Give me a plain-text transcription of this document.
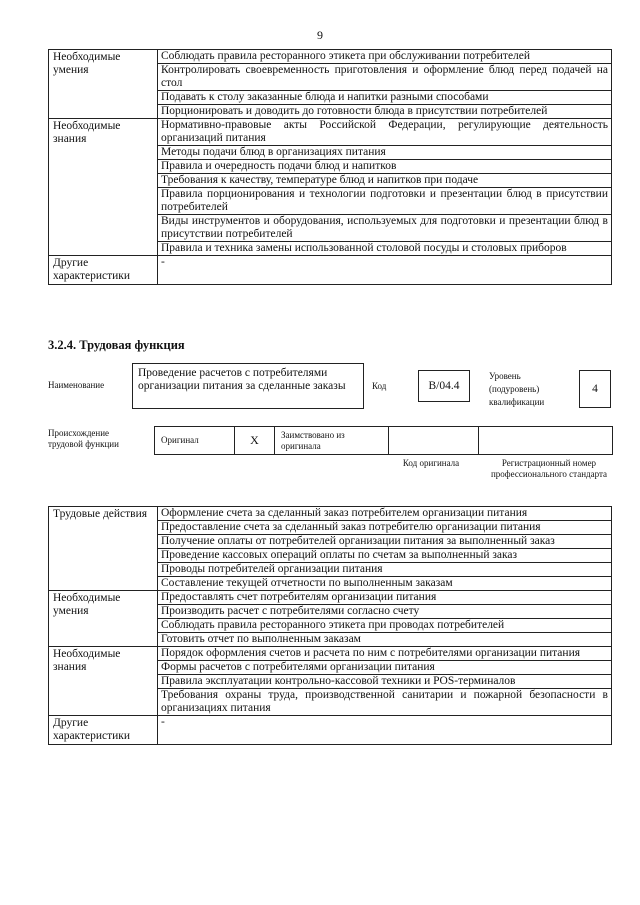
9
Необходимые умения	Соблюдать правила ресторанного этикета при обслуживании потребителей
	Контролировать своевременность приготовления и оформление блюд перед подачей на стол
	Подавать к столу заказанные блюда и напитки разными способами
	Порционировать и доводить до готовности блюда в присутствии потребителей
Необходимые знания	Нормативно-правовые акты Российской Федерации, регулирующие деятельность организаций питания
	Методы подачи блюд в организациях питания
	Правила и очередность подачи блюд и напитков
	Требования к качеству, температуре блюд и напитков при подаче
	Правила порционирования и технологии подготовки и презентации блюд в присутствии потребителей
	Виды инструментов и оборудования, используемых для подготовки и презентации блюд в присутствии потребителей
	Правила и техника замены использованной столовой посуды и столовых приборов
Другие характеристики	-
3.2.4. Трудовая функция
Наименование
Проведение расчетов с потребителями организации питания за сделанные заказы	Код	B/04.4
Уровень (подуровень) квалификации
4
Происхождение трудовой функции	Оригинал	X	Заимствовано из оригинала		
Код оригинала	Регистрационный номер профессионального стандарта
Трудовые действия	Оформление счета за сделанный заказ потребителем организации питания
	Предоставление счета за сделанный заказ потребителю организации питания
	Получение оплаты от потребителей организации питания за выполненный заказ
	Проведение кассовых операций оплаты по счетам за выполненный заказ
	Проводы потребителей организации питания
	Составление текущей отчетности по выполненным заказам
Необходимые умения	Предоставлять счет потребителям организации питания
	Производить расчет с потребителями согласно счету
	Соблюдать правила ресторанного этикета при проводах потребителей
	Готовить отчет по выполненным заказам
Необходимые знания	Порядок оформления счетов и расчета по ним с потребителями организации питания
	Формы расчетов с потребителями организации питания
	Правила эксплуатации контрольно-кассовой техники и POS-терминалов
	Требования охраны труда, производственной санитарии и пожарной безопасности в организациях питания
Другие характеристики	-
